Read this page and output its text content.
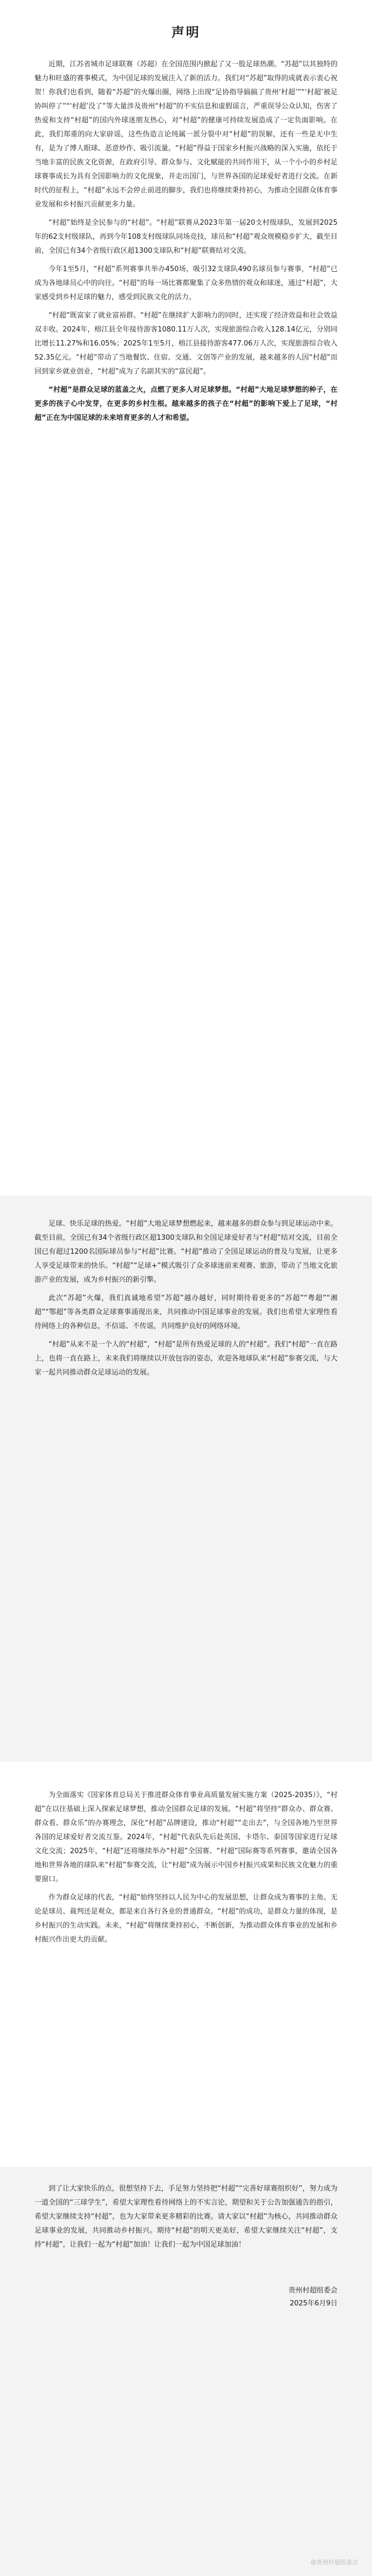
声明

近期，江苏省城市足球联赛（苏超）在全国范围内掀起了又一股足球热潮。“苏超”以其独特的魅力和旺盛的赛事模式，为中国足球的发展注入了新的活力。我们对“苏超”取得的成就表示衷心祝贺！你我们也看到，随着“苏超”的火爆出圈，网络上出现“足协指导搞搞了贵州‘村超’”“‘村超’被足协叫停了”“‘村超’没了”等大量涉及贵州“村超”的不实信息和虚假谣言，严重误导公众认知，伤害了热爱和支持“村超”的国内外球迷朋友热心，对“村超”的健康可持续发展造成了一定负面影响。在此，我们郑重的向大家辟谣，这些伪造言论纯属一派分裂中对“村超”的误解，还有一些是无中生有，是为了博人眼球、恶意炒作、吸引流量。“村超”得益于国家乡村振兴战略的深入实施，依托于当地丰富的民族文化资源，在政府引导、群众参与、文化赋能的共同作用下，从一个小小的乡村足球赛事成长为具有全国影响力的文化现象，并走出国门，与世界各国的足球爱好者进行交流。在新时代的征程上，“村超”永远不会停止前进的脚步，我们也将继续秉持初心，为推动全国群众体育事业发展和乡村振兴贡献更多力量。

“村超”始终是全民参与的“村超”。“村超”联赛从2023年第一届20支村级球队，发展到2025年的62支村级球队，再到今年108支村级球队同场竞技，球员和“村超”观众规模稳步扩大，截至目前，全国已有34个省级行政区超1300支球队和“村超”联赛结对交流。

今年1至5月，“村超”系列赛事共举办450场，吸引32支球队490名球员参与赛事，“村超”已成为各地球员心中的向往。“村超”的每一场比赛都聚集了众多热情的观众和球迷，通过“村超”，大家感受到乡村足球的魅力，感受到民族文化的活力。

“村超”既富家了就业富裕群。“村超”在继续扩大影响力的同时，还实现了经济效益和社会效益双丰收。2024年，榕江县全年接待游客1080.11万人次，实现旅游综合收入128.14亿元，分别同比增长11.27%和16.05%；2025年1至5月，榕江县接待游客477.06万人次，实现旅游综合收入52.35亿元。“村超”带动了当地餐饮、住宿、交通、文创等产业的发展，越来越多的人因“村超”而回到家乡就业创业，“村超”成为了名副其实的“富民超”。

“村超”是群众足球的蓝盖之火，点燃了更多人对足球梦想。“村超”大地足球梦想的种子，在更多的孩子心中发芽，在更多的乡村生根。越来越多的孩子在“村超”的影响下爱上了足球，“村超”正在为中国足球的未来培育更多的人才和希望。

足球、快乐足球的热爱。“村超”大地足球梦想燃起来，越来越多的群众参与到足球运动中来。截至目前，全国已有34个省级行政区超1300支球队和全国足球爱好者与“村超”结对交流，目前全国已有超过1200名国际球员参与“村超”比赛。“村超”推动了全国足球运动的普及与发展，让更多人享受足球带来的快乐。“村超”“足球+”模式吸引了众多球迷前来观赛、旅游，带动了当地文化旅游产业的发展，成为乡村振兴的新引擎。

此次“苏超”火爆，我们真诚地希望“苏超”越办越好，同时期待着更多的“苏超”“粤超”“湘超”“鄂超”等各类群众足球赛事涌现出来，共同推动中国足球事业的发展。我们也希望大家理性看待网络上的各种信息，不信谣、不传谣，共同维护良好的网络环境。

“村超”从来不是一个人的“村超”，“村超”是所有热爱足球的人的“村超”。我们“村超”一直在路上，也将一直在路上，未来我们将继续以开放包容的姿态，欢迎各地球队来“村超”参赛交流，与大家一起共同推动群众足球运动的发展。

为全面落实《国家体育总局关于推进群众体育事业高质量发展实施方案（2025-2035）》，“村超”在以往基础上深入探索足球梦想，推动全国群众足球的发展。“村超”将坚持“群众办、群众赛、群众看、群众乐”的办赛理念，深化“村超”品牌建设，推动“村超”“走出去”，与全国各地乃至世界各国的足球爱好者交流互鉴。2024年，“村超”代表队先后赴英国、卡塔尔、泰国等国家进行足球文化交流；2025年，“村超”还将继续举办“村超”全国赛、“村超”国际赛等系列赛事，邀请全国各地和世界各地的球队来“村超”参赛交流，让“村超”成为展示中国乡村振兴成果和民族文化魅力的重要窗口。

作为群众足球的代表，“村超”始终坚持以人民为中心的发展思想，让群众成为赛事的主角。无论是球员、裁判还是观众，都是来自各行各业的普通群众。“村超”的成功，是群众力量的体现，是乡村振兴的生动实践。未来，“村超”将继续秉持初心，不断创新，为推动群众体育事业的发展和乡村振兴作出更大的贡献。

到了让大家快乐的点，很想坚持下去，手足努力坚持把“村超”“完善好球赛组织好”，努力成为一道全国的“三球学生”，希望大家理性看待网络上的不实言论，期望和关于公告加强通告的指引，希望大家继续支持“村超”，也为大家带来更多精彩的比赛。请大家以“村超”为核心，共同推动群众足球事业的发展，共同推动乡村振兴。期待“村超”的明天更美好，希望大家继续关注“村超”，支持“村超”，让我们一起为“村超”加油！让我们一起为中国足球加油！

贵州村超组委会

2025年6月9日

@贵州村超组委会
